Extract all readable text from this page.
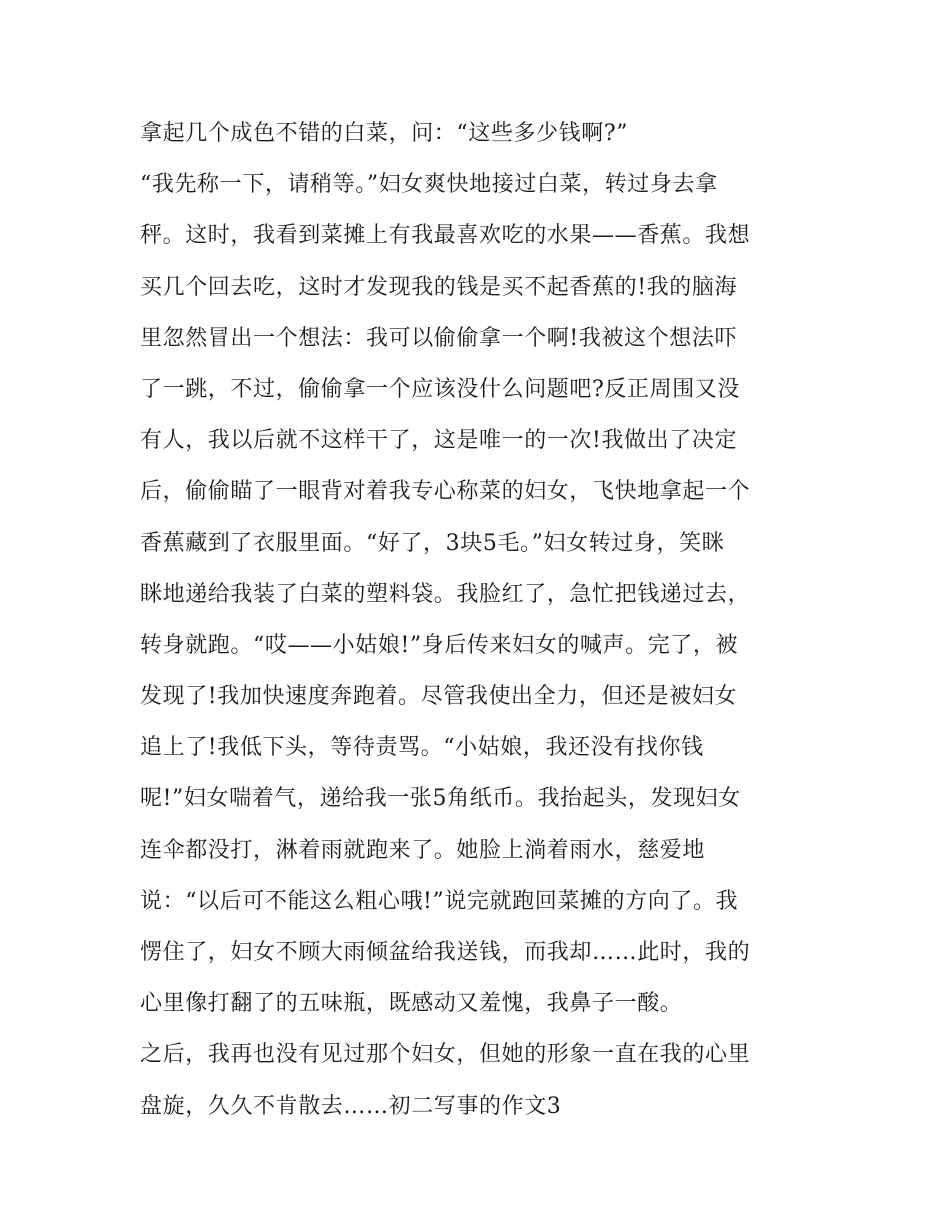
拿起几个成色不错的白菜，问：“这些多少钱啊?”
“我先称一下，请稍等。”妇女爽快地接过白菜，转过身去拿
秤。这时，我看到菜摊上有我最喜欢吃的水果——香蕉。我想
买几个回去吃，这时才发现我的钱是买不起香蕉的!我的脑海
里忽然冒出一个想法：我可以偷偷拿一个啊!我被这个想法吓
了一跳，不过，偷偷拿一个应该没什么问题吧?反正周围又没
有人，我以后就不这样干了，这是唯一的一次!我做出了决定
后，偷偷瞄了一眼背对着我专心称菜的妇女，飞快地拿起一个
香蕉藏到了衣服里面。“好了，3块5毛。”妇女转过身，笑眯
眯地递给我装了白菜的塑料袋。我脸红了，急忙把钱递过去，
转身就跑。“哎——小姑娘!”身后传来妇女的喊声。完了，被
发现了!我加快速度奔跑着。尽管我使出全力，但还是被妇女
追上了!我低下头，等待责骂。“小姑娘，我还没有找你钱
呢!”妇女喘着气，递给我一张5角纸币。我抬起头，发现妇女
连伞都没打，淋着雨就跑来了。她脸上淌着雨水，慈爱地
说：“以后可不能这么粗心哦!”说完就跑回菜摊的方向了。我
愣住了，妇女不顾大雨倾盆给我送钱，而我却……此时，我的
心里像打翻了的五味瓶，既感动又羞愧，我鼻子一酸。
之后，我再也没有见过那个妇女，但她的形象一直在我的心里
盘旋，久久不肯散去……初二写事的作文3
